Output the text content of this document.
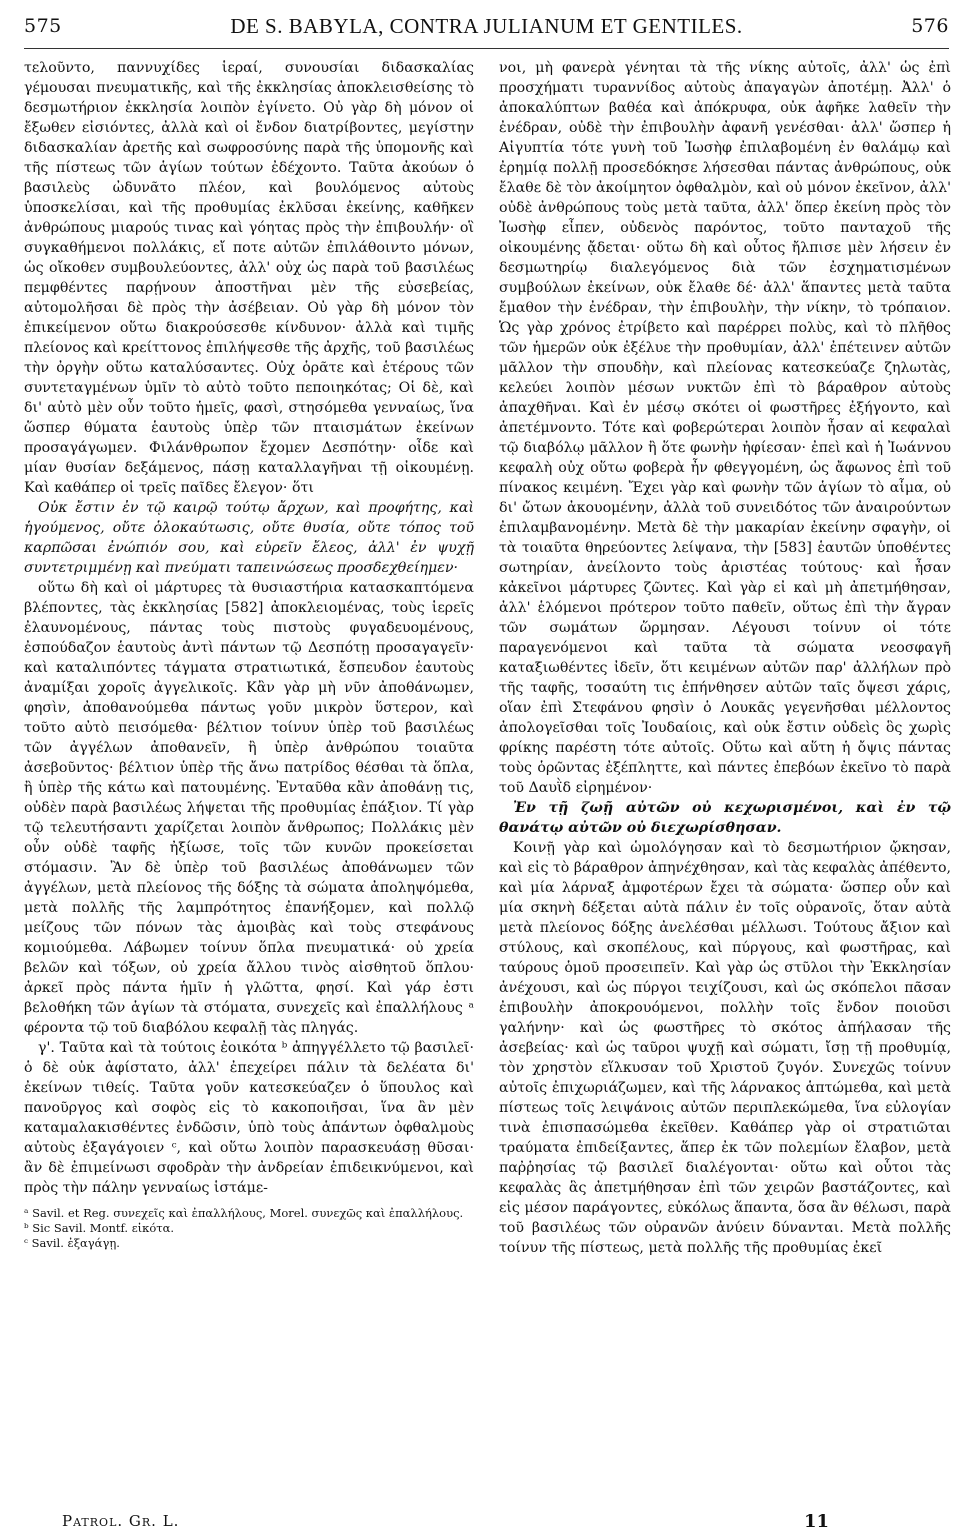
575	DE S. BABYLA, CONTRA JULIANUM ET GENTILES.	576

τελοῦντο, παννυχίδες ἱεραί, συνουσίαι διδασκαλίας γέμουσαι πνευματικῆς, καὶ τῆς ἐκκλησίας ἀποκλεισθείσης τὸ δεσμωτήριον ἐκκλησία λοιπὸν ἐγίνετο. Οὐ γὰρ δὴ μόνον οἱ ἔξωθεν εἰσιόντες, ἀλλὰ καὶ οἱ ἔνδον διατρίβοντες, μεγίστην διδασκαλίαν ἀρετῆς καὶ σωφροσύνης παρὰ τῆς ὑπομονῆς καὶ τῆς πίστεως τῶν ἁγίων τούτων ἐδέχοντο. Ταῦτα ἀκούων ὁ βασιλεὺς ὠδυνᾶτο πλέον, καὶ βουλόμενος αὐτοὺς ὑποσκελίσαι, καὶ τῆς προθυμίας ἐκλῦσαι ἐκείνης, καθῆκεν ἀνθρώπους μιαρούς τινας καὶ γόητας πρὸς τὴν ἐπιβουλήν· οἳ συγκαθήμενοι πολλάκις, εἴ ποτε αὐτῶν ἐπιλάθοιντο μόνων, ὡς οἴκοθεν συμβουλεύοντες, ἀλλ' οὐχ ὡς παρὰ τοῦ βασιλέως πεμφθέντες παρῄνουν ἀποστῆναι μὲν τῆς εὐσεβείας, αὐτομολῆσαι δὲ πρὸς τὴν ἀσέβειαν. Οὐ γὰρ δὴ μόνον τὸν ἐπικείμενον οὕτω διακρούσεσθε κίνδυνον· ἀλλὰ καὶ τιμῆς πλείονος καὶ κρείττονος ἐπιλήψεσθε τῆς ἀρχῆς, τοῦ βασιλέως τὴν ὀργὴν οὕτω καταλύσαντες. Οὐχ ὁρᾶτε καὶ ἑτέρους τῶν συντεταγμένων ὑμῖν τὸ αὐτὸ τοῦτο πεποιηκότας; Οἱ δὲ, καὶ δι' αὐτὸ μὲν οὖν τοῦτο ἡμεῖς, φασὶ, στησόμεθα γενναίως, ἵνα ὥσπερ θύματα ἑαυτοὺς ὑπὲρ τῶν πταισμάτων ἐκείνων προσαγάγωμεν. Φιλάνθρωπον ἔχομεν Δεσπότην· οἶδε καὶ μίαν θυσίαν δεξάμενος, πάσῃ καταλλαγῆναι τῇ οἰκουμένῃ. Καὶ καθάπερ οἱ τρεῖς παῖδες ἔλεγον· ὅτι

Οὐκ ἔστιν ἐν τῷ καιρῷ τούτῳ ἄρχων, καὶ προφήτης, καὶ ἡγούμενος, οὔτε ὁλοκαύτωσις, οὔτε θυσία, οὔτε τόπος τοῦ καρπῶσαι ἐνώπιόν σου, καὶ εὑρεῖν ἔλεος, ἀλλ' ἐν ψυχῇ συντετριμμένῃ καὶ πνεύματι ταπεινώσεως προσδεχθείημεν·

οὕτω δὴ καὶ οἱ μάρτυρες τὰ θυσιαστήρια κατασκαπτόμενα βλέποντες, τὰς ἐκκλησίας [582] ἀποκλειομένας, τοὺς ἱερεῖς ἐλαυνομένους, πάντας τοὺς πιστοὺς φυγαδευομένους, ἐσπούδαζον ἑαυτοὺς ἀντὶ πάντων τῷ Δεσπότῃ προσαγαγεῖν· καὶ καταλιπόντες τάγματα στρατιωτικά, ἔσπευδον ἑαυτοὺς ἀναμίξαι χοροῖς ἀγγελικοῖς. Κἂν γὰρ μὴ νῦν ἀποθάνωμεν, φησὶν, ἀποθανούμεθα πάντως γοῦν μικρὸν ὕστερον, καὶ τοῦτο αὐτὸ πεισόμεθα· βέλτιον τοίνυν ὑπὲρ τοῦ βασιλέως τῶν ἀγγέλων ἀποθανεῖν, ἢ ὑπὲρ ἀνθρώπου τοιαῦτα ἀσεβοῦντος· βέλτιον ὑπὲρ τῆς ἄνω πατρίδος θέσθαι τὰ ὅπλα, ἢ ὑπὲρ τῆς κάτω καὶ πατουμένης. Ἐνταῦθα κἂν ἀποθάνῃ τις, οὐδὲν παρὰ βασιλέως λήψεται τῆς προθυμίας ἐπάξιον. Τί γὰρ τῷ τελευτήσαντι χαρίζεται λοιπὸν ἄνθρωπος; Πολλάκις μὲν οὖν οὐδὲ ταφῆς ἠξίωσε, τοῖς τῶν κυνῶν προκείσεται στόμασιν. Ἂν δὲ ὑπὲρ τοῦ βασιλέως ἀποθάνωμεν τῶν ἀγγέλων, μετὰ πλείονος τῆς δόξης τὰ σώματα ἀποληψόμεθα, μετὰ πολλῆς τῆς λαμπρότητος ἐπανήξομεν, καὶ πολλῷ μείζους τῶν πόνων τὰς ἀμοιβὰς καὶ τοὺς στεφάνους κομιούμεθα. Λάβωμεν τοίνυν ὅπλα πνευματικά· οὐ χρεία βελῶν καὶ τόξων, οὐ χρεία ἄλλου τινὸς αἰσθητοῦ ὅπλου· ἀρκεῖ πρὸς πάντα ἡμῖν ἡ γλῶττα, φησί. Καὶ γάρ ἐστι βελοθήκη τῶν ἁγίων τὰ στόματα, συνεχεῖς καὶ ἐπαλλήλους ᵃ φέροντα τῷ τοῦ διαβόλου κεφαλῇ τὰς πληγάς.

γ'. Ταῦτα καὶ τὰ τούτοις ἐοικότα ᵇ ἀπηγγέλλετο τῷ βασιλεῖ· ὁ δὲ οὐκ ἀφίστατο, ἀλλ' ἐπεχείρει πάλιν τὰ δελέατα δι' ἐκείνων τιθείς. Ταῦτα γοῦν κατεσκεύαζεν ὁ ὕπουλος καὶ πανοῦργος καὶ σοφὸς εἰς τὸ κακοποιῆσαι, ἵνα ἂν μὲν καταμαλακισθέντες ἐνδῶσιν, ὑπὸ τοὺς ἁπάντων ὀφθαλμοὺς αὐτοὺς ἐξαγάγοιεν ᶜ, καὶ οὕτω λοιπὸν παρασκευάσῃ θῦσαι· ἂν δὲ ἐπιμείνωσι σφοδρὰν τὴν ἀνδρείαν ἐπιδεικνύμενοι, καὶ πρὸς τὴν πάλην γενναίως ἱστάμε-

ᵃ Savil. et Reg. συνεχεῖς καὶ ἐπαλλήλους, Morel. συνεχῶς καὶ ἐπαλλήλους.
ᵇ Sic Savil. Montf. εἰκότα.
ᶜ Savil. ἐξαγάγῃ.

νοι, μὴ φανερὰ γένηται τὰ τῆς νίκης αὐτοῖς, ἀλλ' ὡς ἐπὶ προσχήματι τυραννίδος αὐτοὺς ἀπαγαγὼν ἀποτέμῃ. Ἀλλ' ὁ ἀποκαλύπτων βαθέα καὶ ἀπόκρυφα, οὐκ ἀφῆκε λαθεῖν τὴν ἐνέδραν, οὐδὲ τὴν ἐπιβουλὴν ἀφανῆ γενέσθαι· ἀλλ' ὥσπερ ἡ Αἰγυπτία τότε γυνὴ τοῦ Ἰωσὴφ ἐπιλαβομένη ἐν θαλάμῳ καὶ ἐρημίᾳ πολλῇ προσεδόκησε λήσεσθαι πάντας ἀνθρώπους, οὐκ ἔλαθε δὲ τὸν ἀκοίμητον ὀφθαλμὸν, καὶ οὐ μόνον ἐκεῖνον, ἀλλ' οὐδὲ ἀνθρώπους τοὺς μετὰ ταῦτα, ἀλλ' ὅπερ ἐκείνη πρὸς τὸν Ἰωσὴφ εἶπεν, οὐδενὸς παρόντος, τοῦτο πανταχοῦ τῆς οἰκουμένης ᾄδεται· οὕτω δὴ καὶ οὗτος ἤλπισε μὲν λήσειν ἐν δεσμωτηρίῳ διαλεγόμενος διὰ τῶν ἐσχηματισμένων συμβούλων ἐκείνων, οὐκ ἔλαθε δέ· ἀλλ' ἅπαντες μετὰ ταῦτα ἔμαθον τὴν ἐνέδραν, τὴν ἐπιβουλὴν, τὴν νίκην, τὸ τρόπαιον. Ὡς γὰρ χρόνος ἐτρίβετο καὶ παρέρρει πολὺς, καὶ τὸ πλῆθος τῶν ἡμερῶν οὐκ ἐξέλυε τὴν προθυμίαν, ἀλλ' ἐπέτεινεν αὐτῶν μᾶλλον τὴν σπουδὴν, καὶ πλείονας κατεσκεύαζε ζηλωτὰς, κελεύει λοιπὸν μέσων νυκτῶν ἐπὶ τὸ βάραθρον αὐτοὺς ἀπαχθῆναι. Καὶ ἐν μέσῳ σκότει οἱ φωστῆρες ἐξήγοντο, καὶ ἀπετέμνοντο. Τότε καὶ φοβερώτεραι λοιπὸν ἦσαν αἱ κεφαλαὶ τῷ διαβόλῳ μᾶλλον ἢ ὅτε φωνὴν ἠφίεσαν· ἐπεὶ καὶ ἡ Ἰωάννου κεφαλὴ οὐχ οὕτω φοβερὰ ἦν φθεγγομένη, ὡς ἄφωνος ἐπὶ τοῦ πίνακος κειμένη. Ἔχει γὰρ καὶ φωνὴν τῶν ἁγίων τὸ αἷμα, οὐ δι' ὤτων ἀκουομένην, ἀλλὰ τοῦ συνειδότος τῶν ἀναιρούντων ἐπιλαμβανομένην. Μετὰ δὲ τὴν μακαρίαν ἐκείνην σφαγὴν, οἱ τὰ τοιαῦτα θηρεύοντες λείψανα, τὴν [583] ἑαυτῶν ὑποθέντες σωτηρίαν, ἀνείλοντο τοὺς ἀριστέας τούτους· καὶ ἦσαν κἀκεῖνοι μάρτυρες ζῶντες. Καὶ γὰρ εἰ καὶ μὴ ἀπετμήθησαν, ἀλλ' ἑλόμενοι πρότερον τοῦτο παθεῖν, οὕτως ἐπὶ τὴν ἄγραν τῶν σωμάτων ὥρμησαν. Λέγουσι τοίνυν οἱ τότε παραγενόμενοι καὶ ταῦτα τὰ σώματα νεοσφαγῆ καταξιωθέντες ἰδεῖν, ὅτι κειμένων αὐτῶν παρ' ἀλλήλων πρὸ τῆς ταφῆς, τοσαύτη τις ἐπήνθησεν αὐτῶν ταῖς ὄψεσι χάρις, οἵαν ἐπὶ Στεφάνου φησὶν ὁ Λουκᾶς γεγενῆσθαι μέλλοντος ἀπολογεῖσθαι τοῖς Ἰουδαίοις, καὶ οὐκ ἔστιν οὐδεὶς ὃς χωρὶς φρίκης παρέστη τότε αὐτοῖς. Οὕτω καὶ αὕτη ἡ ὄψις πάντας τοὺς ὁρῶντας ἐξέπληττε, καὶ πάντες ἐπεβόων ἐκεῖνο τὸ παρὰ τοῦ Δαυῒδ εἰρημένον·

Ἐν τῇ ζωῇ αὐτῶν οὐ κεχωρισμένοι, καὶ ἐν τῷ θανάτῳ αὐτῶν οὐ διεχωρίσθησαν.

Κοινῇ γὰρ καὶ ὡμολόγησαν καὶ τὸ δεσμωτήριον ᾤκησαν, καὶ εἰς τὸ βάραθρον ἀπηνέχθησαν, καὶ τὰς κεφαλὰς ἀπέθεντο, καὶ μία λάρναξ ἀμφοτέρων ἔχει τὰ σώματα· ὥσπερ οὖν καὶ μία σκηνὴ δέξεται αὐτὰ πάλιν ἐν τοῖς οὐρανοῖς, ὅταν αὐτὰ μετὰ πλείονος δόξης ἀνελέσθαι μέλλωσι. Τούτους ἄξιον καὶ στύλους, καὶ σκοπέλους, καὶ πύργους, καὶ φωστῆρας, καὶ ταύρους ὁμοῦ προσειπεῖν. Καὶ γὰρ ὡς στῦλοι τὴν Ἐκκλησίαν ἀνέχουσι, καὶ ὡς πύργοι τειχίζουσι, καὶ ὡς σκόπελοι πᾶσαν ἐπιβουλὴν ἀποκρουόμενοι, πολλὴν τοῖς ἔνδον ποιοῦσι γαλήνην· καὶ ὡς φωστῆρες τὸ σκότος ἀπήλασαν τῆς ἀσεβείας· καὶ ὡς ταῦροι ψυχῇ καὶ σώματι, ἴσῃ τῇ προθυμίᾳ, τὸν χρηστὸν εἵλκυσαν τοῦ Χριστοῦ ζυγόν. Συνεχῶς τοίνυν αὐτοῖς ἐπιχωριάζωμεν, καὶ τῆς λάρνακος ἁπτώμεθα, καὶ μετὰ πίστεως τοῖς λειψάνοις αὐτῶν περιπλεκώμεθα, ἵνα εὐλογίαν τινὰ ἐπισπασώμεθα ἐκεῖθεν. Καθάπερ γὰρ οἱ στρατιῶται τραύματα ἐπιδείξαντες, ἅπερ ἐκ τῶν πολεμίων ἔλαβον, μετὰ παῤῥησίας τῷ βασιλεῖ διαλέγονται· οὕτω καὶ οὗτοι τὰς κεφαλὰς ἃς ἀπετμήθησαν ἐπὶ τῶν χειρῶν βαστάζοντες, καὶ εἰς μέσον παράγοντες, εὐκόλως ἅπαντα, ὅσα ἂν θέλωσι, παρὰ τοῦ βασιλέως τῶν οὐρανῶν ἀνύειν δύνανται. Μετὰ πολλῆς τοίνυν τῆς πίστεως, μετὰ πολλῆς τῆς προθυμίας ἐκεῖ

Patrol. Gr. L.	11
